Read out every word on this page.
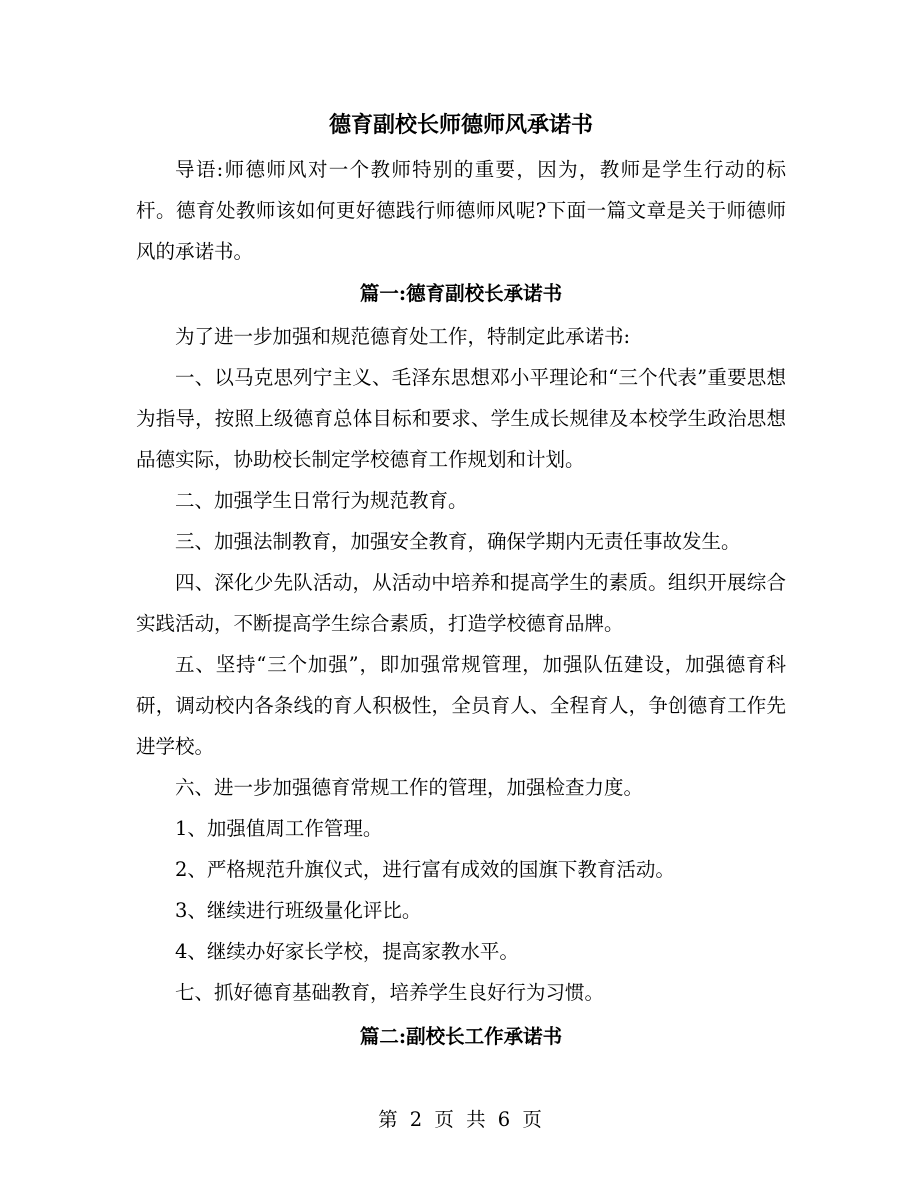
德育副校长师德师风承诺书

导语:师德师风对一个教师特别的重要，因为，教师是学生行动的标杆。德育处教师该如何更好德践行师德师风呢?下面一篇文章是关于师德师风的承诺书。

篇一:德育副校长承诺书

为了进一步加强和规范德育处工作，特制定此承诺书:

一、以马克思列宁主义、毛泽东思想邓小平理论和“三个代表”重要思想为指导，按照上级德育总体目标和要求、学生成长规律及本校学生政治思想品德实际，协助校长制定学校德育工作规划和计划。

二、加强学生日常行为规范教育。

三、加强法制教育，加强安全教育，确保学期内无责任事故发生。

四、深化少先队活动，从活动中培养和提高学生的素质。组织开展综合实践活动，不断提高学生综合素质，打造学校德育品牌。

五、坚持“三个加强”，即加强常规管理，加强队伍建设，加强德育科研，调动校内各条线的育人积极性，全员育人、全程育人，争创德育工作先进学校。

六、进一步加强德育常规工作的管理，加强检查力度。

1、加强值周工作管理。

2、严格规范升旗仪式，进行富有成效的国旗下教育活动。

3、继续进行班级量化评比。

4、继续办好家长学校，提高家教水平。

七、抓好德育基础教育，培养学生良好行为习惯。

篇二:副校长工作承诺书
第 2 页 共 6 页
